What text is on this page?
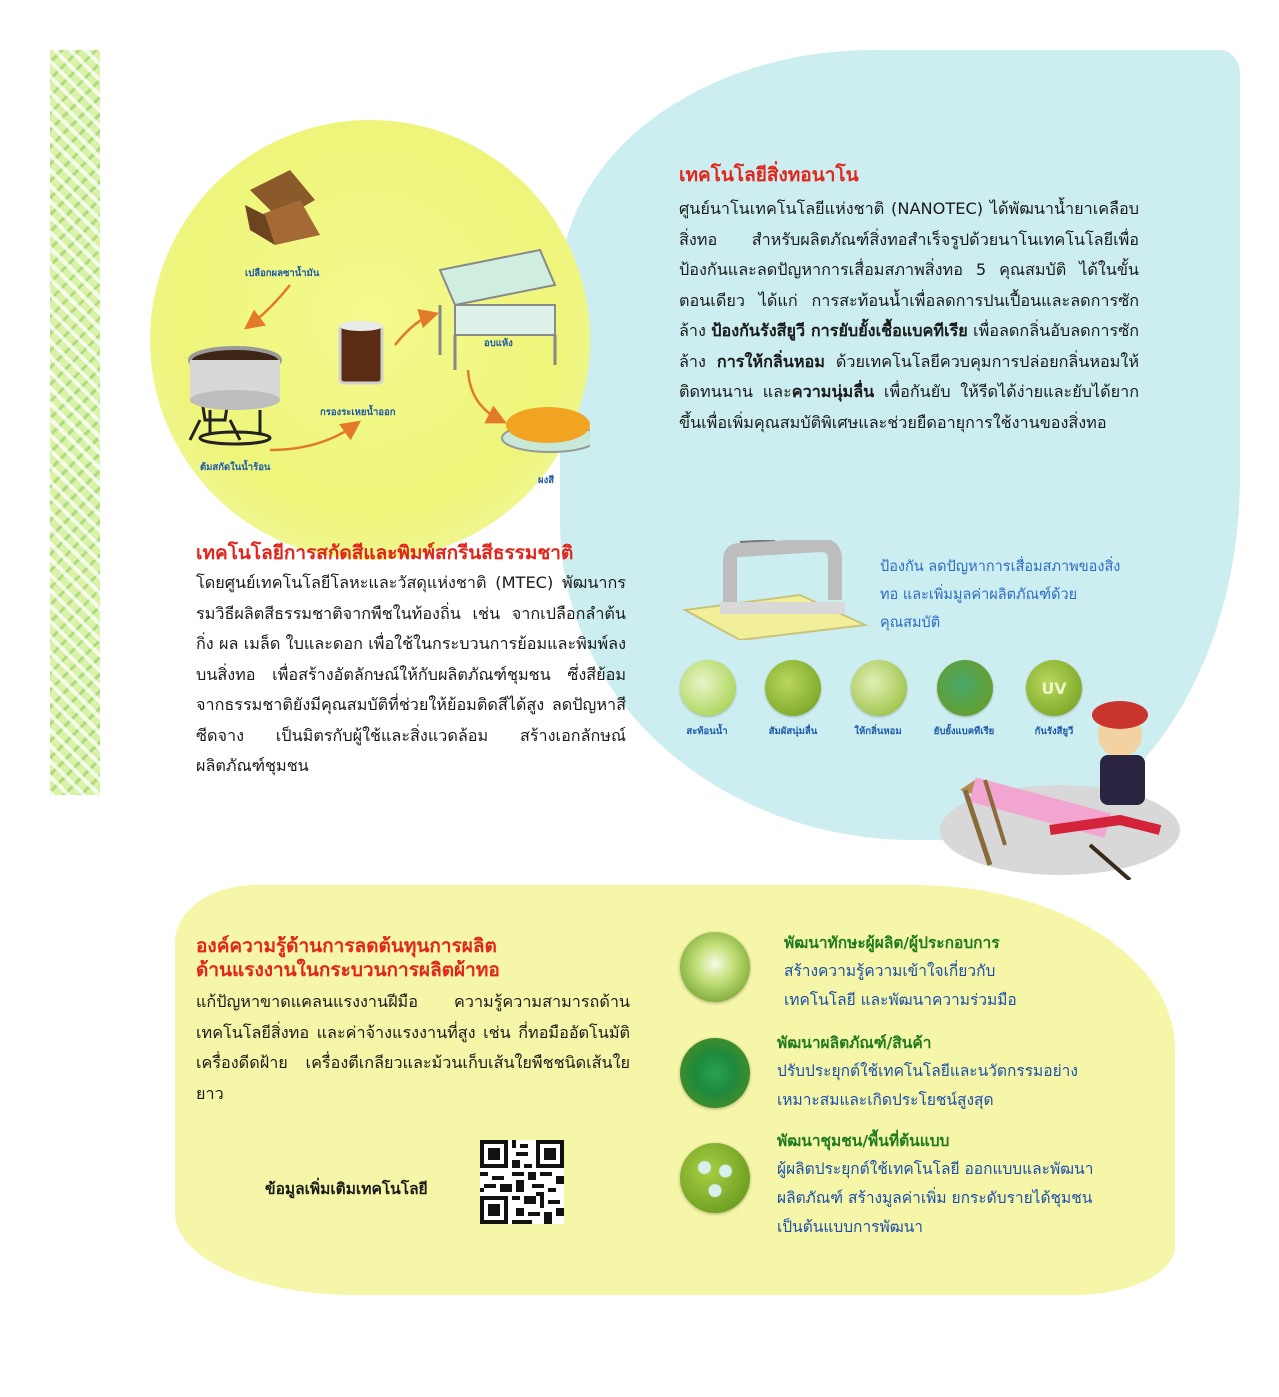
เปลือกผลซาน้ำมัน
ต้มสกัดในน้ำร้อน
กรองระเหยน้ำออก
อบแห้ง
ผงสี
เทคโนโลยีการสกัดสีและพิมพ์สกรีนสีธรรมชาติ

โดยศูนย์เทคโนโลยีโลหะและวัสดุแห่งชาติ (MTEC) พัฒนากรรมวิธีผลิตสีธรรมชาติจากพืชในท้องถิ่น เช่น จากเปลือกลำต้น กิ่ง ผล เมล็ด ใบและดอก เพื่อใช้ในกระบวนการย้อมและพิมพ์ลงบนสิ่งทอ เพื่อสร้างอัตลักษณ์ให้กับผลิตภัณฑ์ชุมชน ซึ่งสีย้อมจากธรรมชาติยังมีคุณสมบัติที่ช่วยให้ย้อมติดสีได้สูง ลดปัญหาสีซีดจาง เป็นมิตรกับผู้ใช้และสิ่งแวดล้อม สร้างเอกลักษณ์ผลิตภัณฑ์ชุมชน

เทคโนโลยีสิ่งทอนาโน

ศูนย์นาโนเทคโนโลยีแห่งชาติ (NANOTEC) ได้พัฒนาน้ำยาเคลือบสิ่งทอ สำหรับผลิตภัณฑ์สิ่งทอสำเร็จรูปด้วยนาโนเทคโนโลยีเพื่อป้องกันและลดปัญหาการเสื่อมสภาพสิ่งทอ 5 คุณสมบัติ ได้ในขั้นตอนเดียว ได้แก่ การสะท้อนน้ำเพื่อลดการปนเปื้อนและลดการซักล้าง ป้องกันรังสียูวี การยับยั้งเชื้อแบคทีเรีย เพื่อลดกลิ่นอับลดการซักล้าง การให้กลิ่นหอม ด้วยเทคโนโลยีควบคุมการปล่อยกลิ่นหอมให้ติดทนนาน และความนุ่มลื่น เพื่อกันยับ ให้รีดได้ง่ายและยับได้ยากขึ้นเพื่อเพิ่มคุณสมบัติพิเศษและช่วยยืดอายุการใช้งานของสิ่งทอ

ป้องกัน ลดปัญหาการเสื่อมสภาพของสิ่งทอ และเพิ่มมูลค่าผลิตภัณฑ์ด้วยคุณสมบัติ

สะท้อนน้ำ	สัมผัสนุ่มลื่น	ให้กลิ่นหอม	ยับยั้งแบคทีเรีย
UV
กันรังสียูวี
องค์ความรู้ด้านการลดต้นทุนการผลิต
ด้านแรงงานในกระบวนการผลิตผ้าทอ

แก้ปัญหาขาดแคลนแรงงานฝีมือ ความรู้ความสามารถด้านเทคโนโลยีสิ่งทอ และค่าจ้างแรงงานที่สูง เช่น กี่ทอมืออัตโนมัติ เครื่องดีดฝ้าย เครื่องตีเกลียวและม้วนเก็บเส้นใยพืชชนิดเส้นใยยาว

ข้อมูลเพิ่มเติมเทคโนโลยี

พัฒนาทักษะผู้ผลิต/ผู้ประกอบการ

สร้างความรู้ความเข้าใจเกี่ยวกับ

เทคโนโลยี และพัฒนาความร่วมมือ

พัฒนาผลิตภัณฑ์/สินค้า

ปรับประยุกต์ใช้เทคโนโลยีและนวัตกรรมอย่าง

เหมาะสมและเกิดประโยชน์สูงสุด

พัฒนาชุมชน/พื้นที่ต้นแบบ

ผู้ผลิตประยุกต์ใช้เทคโนโลยี ออกแบบและพัฒนา

ผลิตภัณฑ์ สร้างมูลค่าเพิ่ม ยกระดับรายได้ชุมชน

เป็นต้นแบบการพัฒนา
